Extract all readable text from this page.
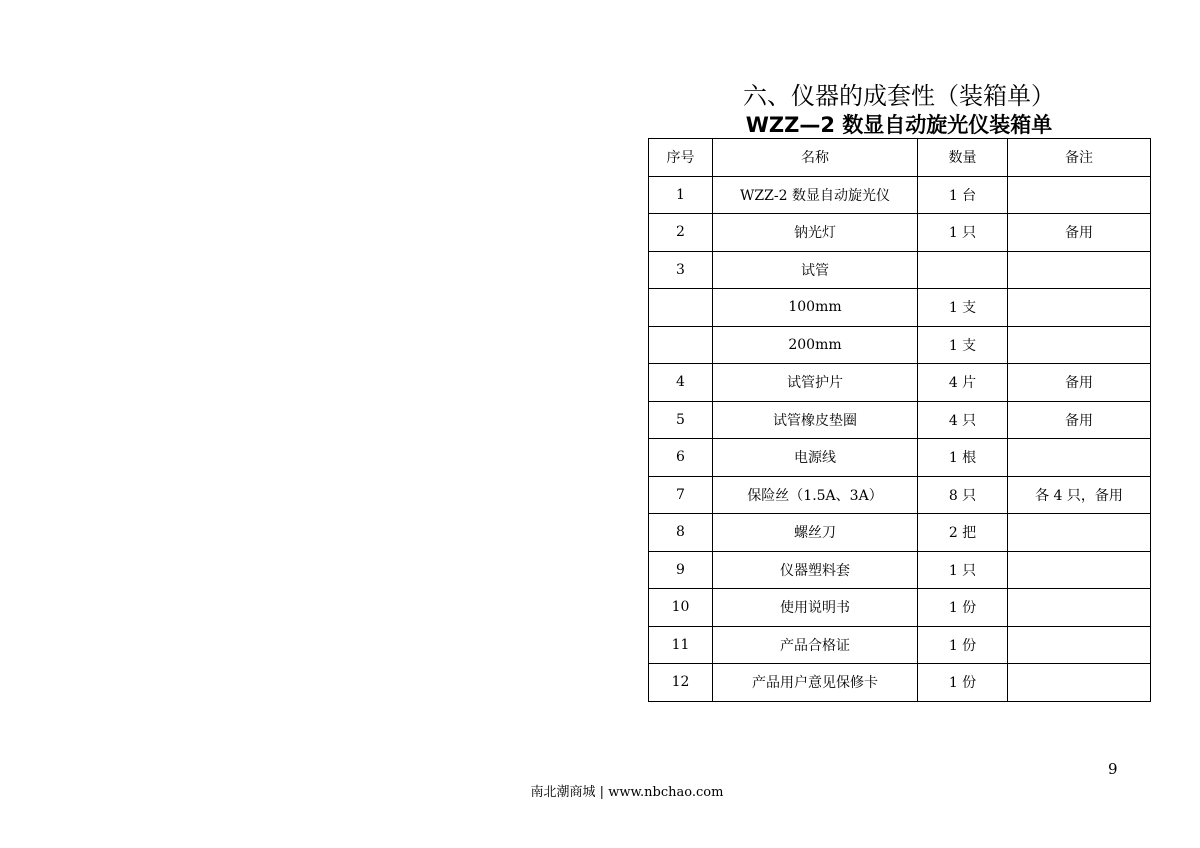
六、仪器的成套性（装箱单）
WZZ—2 数显自动旋光仪装箱单
序号	名称	数量	备注
1	WZZ-2 数显自动旋光仪	1 台	
2	钠光灯	1 只	备用
3	试管		
	100mm	1 支	
	200mm	1 支	
4	试管护片	4 片	备用
5	试管橡皮垫圈	4 只	备用
6	电源线	1 根	
7	保险丝（1.5A、3A）	8 只	各 4 只，备用
8	螺丝刀	2 把	
9	仪器塑料套	1 只	
10	使用说明书	1 份	
11	产品合格证	1 份	
12	产品用户意见保修卡	1 份	
9
南北潮商城 | www.nbchao.com
